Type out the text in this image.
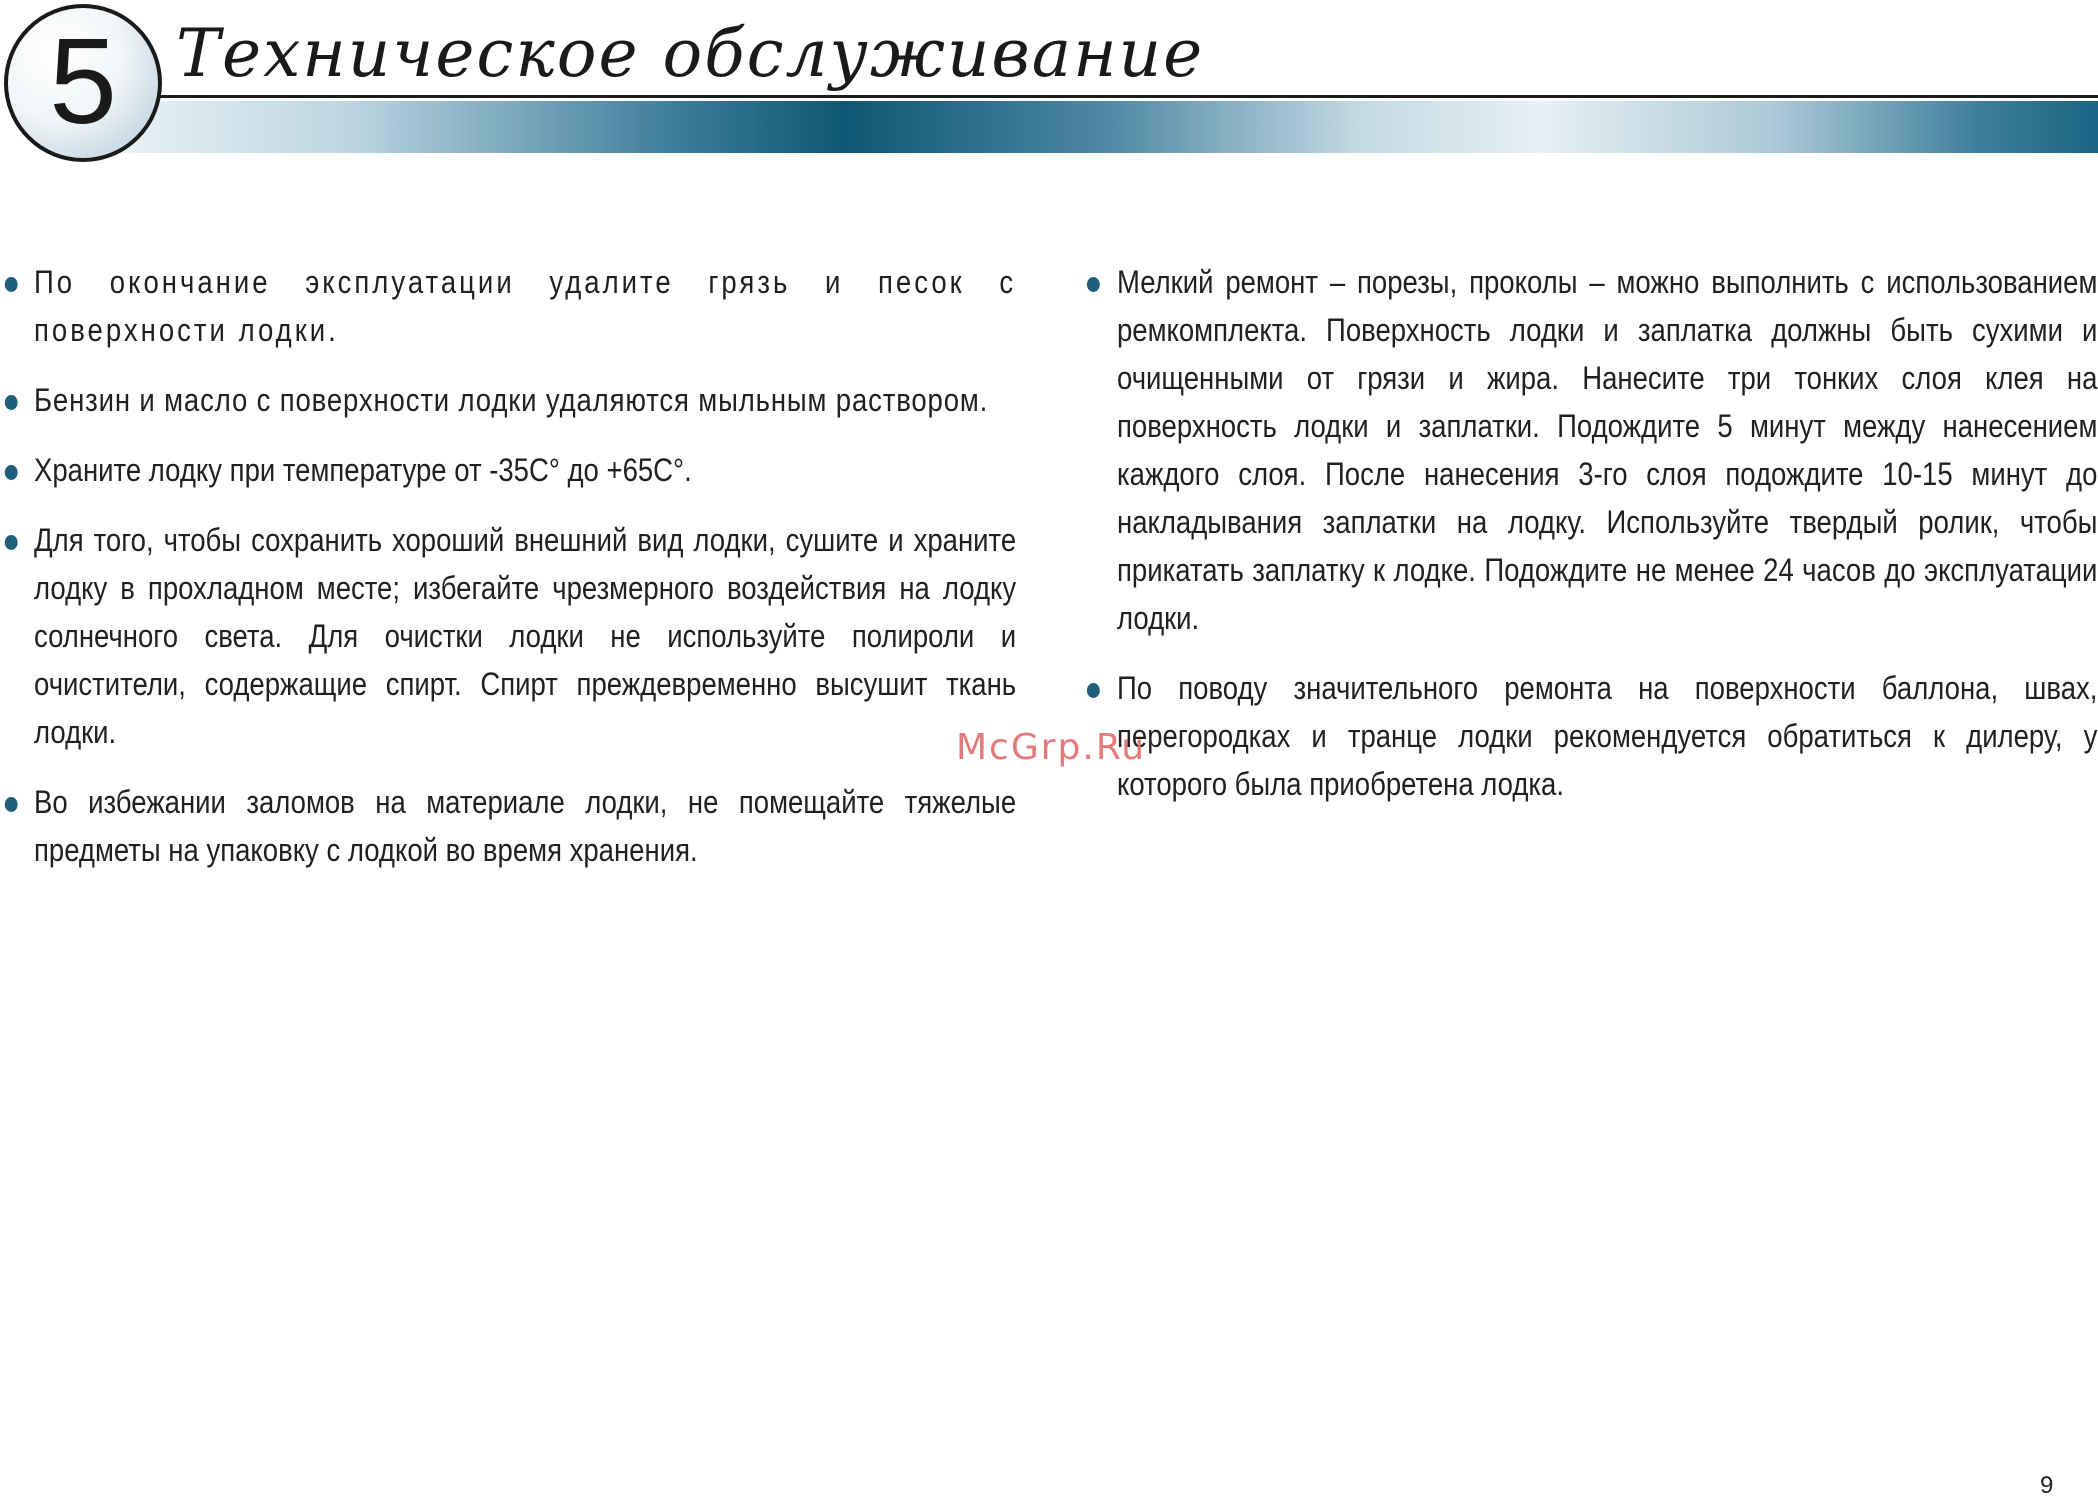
5 Техническое обслуживание
По окончание эксплуатации удалите грязь и песок с поверхности лодки.
Бензин и масло с поверхности лодки удаляются мыльным раствором.
Храните лодку при температуре от -35С° до +65С°.
Для того, чтобы сохранить хороший внешний вид лодки, сушите и храните лодку в прохладном месте; избегайте чрезмерного воздействия на лодку солнечного света. Для очистки лодки не используйте полироли и очистители, содержащие спирт. Спирт преждевременно высушит ткань лодки.
Во избежании заломов на материале лодки, не помещайте тяжелые предметы на упаковку с лодкой во время хранения.
Мелкий ремонт – порезы, проколы – можно выполнить с использованием ремкомплекта. Поверхность лодки и заплатка должны быть сухими и очищенными от грязи и жира. Нанесите три тонких слоя клея на поверхность лодки и заплатки. Подождите 5 минут между нанесением каждого слоя. После нанесения 3-го слоя подождите 10-15 минут до накладывания заплатки на лодку. Используйте твердый ролик, чтобы прикатать заплатку к лодке. Подождите не менее 24 часов до эксплуатации лодки.
По поводу значительного ремонта на поверхности баллона, швах, перегородках и транце лодки рекомендуется обратиться к дилеру, у которого была приобретена лодка.
McGrp.Ru
9
